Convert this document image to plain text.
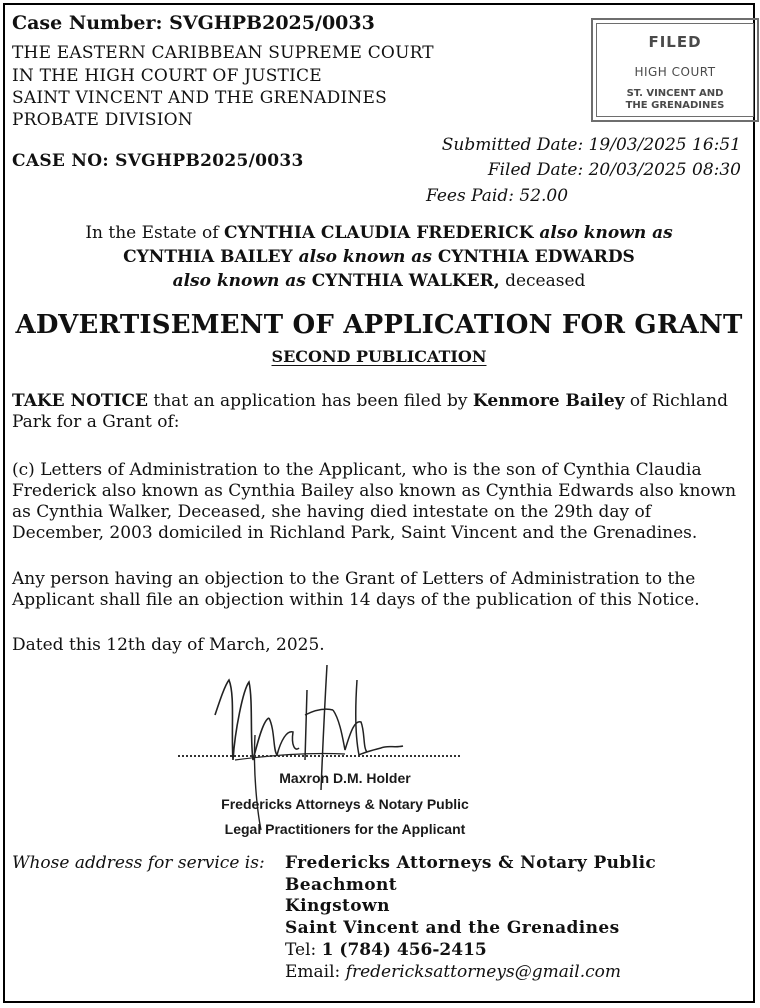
Case Number: SVGHPB2025/0033
THE EASTERN CARIBBEAN SUPREME COURT
IN THE HIGH COURT OF JUSTICE
SAINT VINCENT AND THE GRENADINES
PROBATE DIVISION
CASE NO: SVGHPB2025/0033
Submitted Date: 19/03/2025 16:51
Filed Date: 20/03/2025 08:30
Fees Paid: 52.00
FILED
HIGH COURT
ST. VINCENT AND
THE GRENADINES
In the Estate of CYNTHIA CLAUDIA FREDERICK also known as
CYNTHIA BAILEY also known as CYNTHIA EDWARDS
also known as CYNTHIA WALKER, deceased
ADVERTISEMENT OF APPLICATION FOR GRANT
SECOND PUBLICATION
TAKE NOTICE that an application has been filed by Kenmore Bailey of Richland Park for a Grant of:
(c) Letters of Administration to the Applicant, who is the son of Cynthia Claudia Frederick also known as Cynthia Bailey also known as Cynthia Edwards also known as Cynthia Walker, Deceased, she having died intestate on the 29th day of December, 2003 domiciled in Richland Park, Saint Vincent and the Grenadines.
Any person having an objection to the Grant of Letters of Administration to the Applicant shall file an objection within 14 days of the publication of this Notice.
Dated this 12th day of March, 2025.
Maxron D.M. Holder
Fredericks Attorneys & Notary Public
Legal Practitioners for the Applicant
Whose address for service is: Fredericks Attorneys & Notary Public
Beachmont
Kingstown
Saint Vincent and the Grenadines
Tel: 1 (784) 456-2415
Email: fredericksattorneys@gmail.com
